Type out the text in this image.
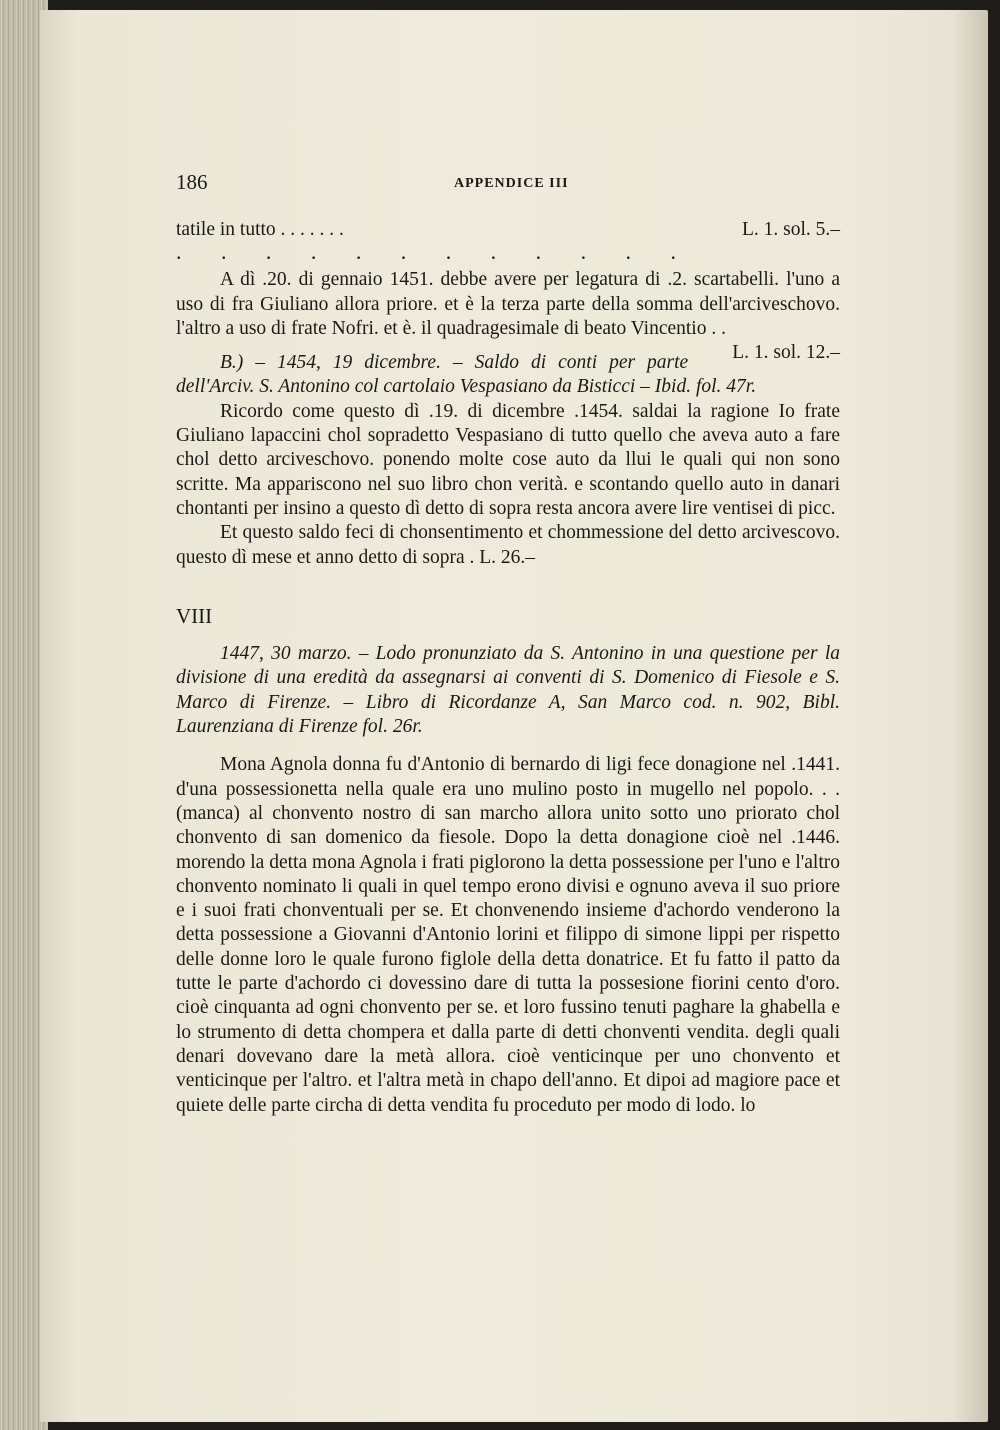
186	APPENDICE III

tatile in tutto . . . . . . .	L. 1. sol. 5.–

. . . . . . . . . . . .

A dì .20. di gennaio 1451. debbe avere per legatura di .2. scartabelli. l'uno a uso di fra Giuliano allora priore. et è la terza parte della somma dell'arciveschovo. l'altro a uso di frate Nofri. et è. il quadragesimale di beato Vincentio . .
L. 1. sol. 12.–

B.) – 1454, 19 dicembre. – Saldo di conti per parte dell'Arciv. S. Antonino col cartolaio Vespasiano da Bisticci – Ibid. fol. 47r.

Ricordo come questo dì .19. di dicembre .1454. saldai la ragione Io frate Giuliano lapaccini chol sopradetto Vespasiano di tutto quello che aveva auto a fare chol detto arciveschovo. ponendo molte cose auto da llui le quali qui non sono scritte. Ma appariscono nel suo libro chon verità. e scontando quello auto in danari chontanti per insino a questo dì detto di sopra resta ancora avere lire ventisei di picc.

Et questo saldo feci di chonsentimento et chommessione del detto arcivescovo. questo dì mese et anno detto di sopra . L. 26.–

VIII

1447, 30 marzo. – Lodo pronunziato da S. Antonino in una questione per la divisione di una eredità da assegnarsi ai conventi di S. Domenico di Fiesole e S. Marco di Firenze. – Libro di Ricordanze A, San Marco cod. n. 902, Bibl. Laurenziana di Firenze fol. 26r.

Mona Agnola donna fu d'Antonio di bernardo di ligi fece donagione nel .1441. d'una possessionetta nella quale era uno mulino posto in mugello nel popolo. . . (manca) al chonvento nostro di san marcho allora unito sotto uno priorato chol chonvento di san domenico da fiesole. Dopo la detta donagione cioè nel .1446. morendo la detta mona Agnola i frati piglorono la detta possessione per l'uno e l'altro chonvento nominato li quali in quel tempo erono divisi e ognuno aveva il suo priore e i suoi frati chonventuali per se. Et chonvenendo insieme d'achordo venderono la detta possessione a Giovanni d'Antonio lorini et filippo di simone lippi per rispetto delle donne loro le quale furono figlole della detta donatrice. Et fu fatto il patto da tutte le parte d'achordo ci dovessino dare di tutta la possesione fiorini cento d'oro. cioè cinquanta ad ogni chonvento per se. et loro fussino tenuti paghare la ghabella e lo strumento di detta chompera et dalla parte di detti chonventi vendita. degli quali denari dovevano dare la metà allora. cioè venticinque per uno chonvento et venticinque per l'altro. et l'altra metà in chapo dell'anno. Et dipoi ad magiore pace et quiete delle parte circha di detta vendita fu proceduto per modo di lodo. lo
